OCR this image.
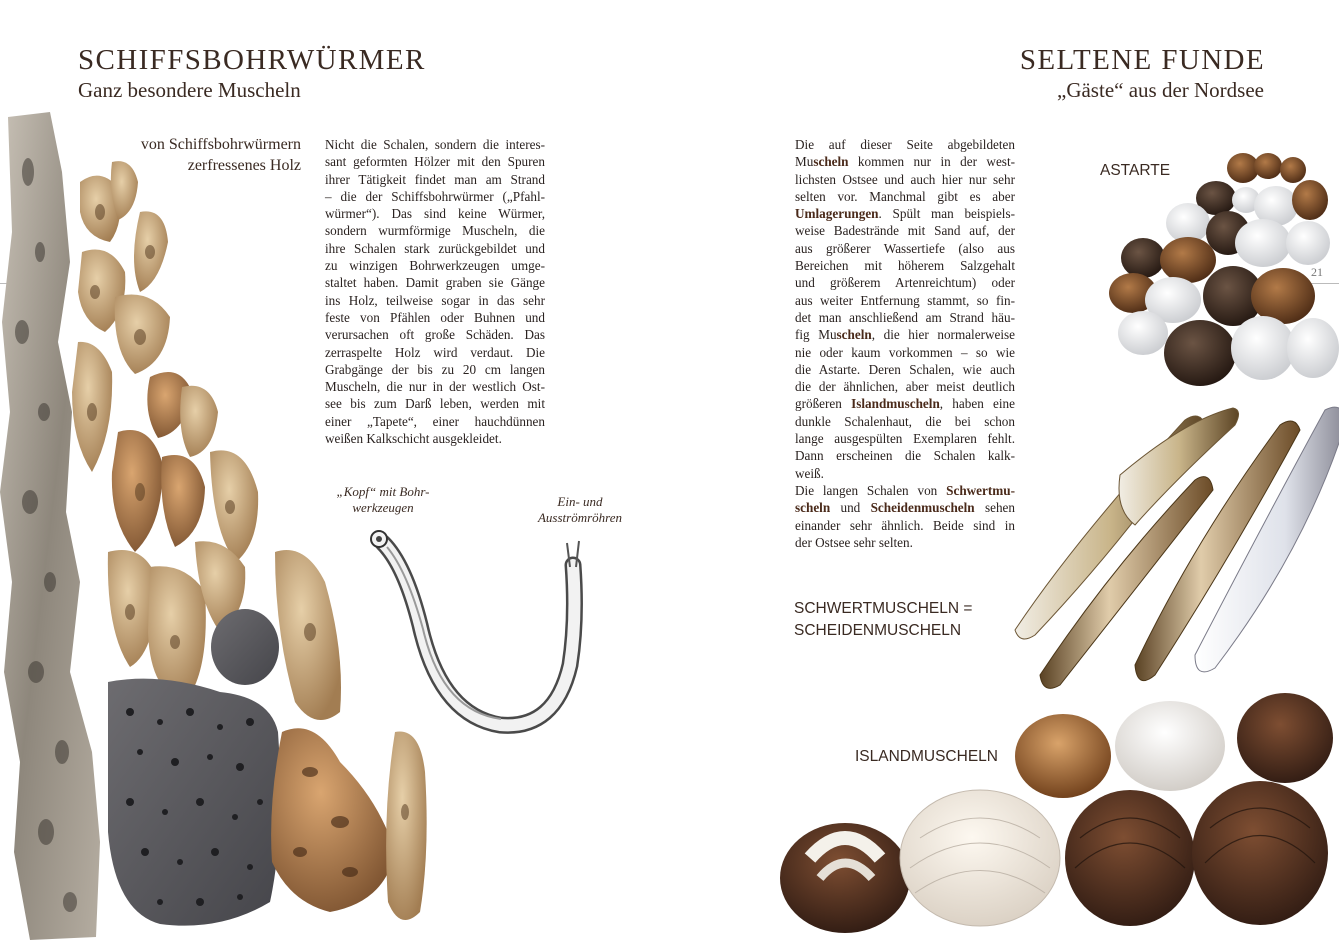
SCHIFFSBOHRWÜRMER
Ganz besondere Muscheln
von Schiffsbohrwürmern
zerfressenes Holz

Nicht die Schalen, sondern die interes-

sant geformten Hölzer mit den Spuren

ihrer Tätigkeit findet man am Strand

– die der Schiffsbohrwürmer („Pfahl-

würmer“). Das sind keine Würmer,

sondern wurmförmige Muscheln, die

ihre Schalen stark zurückgebildet und

zu winzigen Bohrwerkzeugen umge-

staltet haben. Damit graben sie Gänge

ins Holz, teilweise sogar in das sehr

feste von Pfählen oder Buhnen und

verursachen oft große Schäden. Das

zerraspelte Holz wird verdaut. Die

Grabgänge der bis zu 20 cm langen

Muscheln, die nur in der westlich Ost-

see bis zum Darß leben, werden mit

einer „Tapete“, einer hauchdünnen

weißen Kalkschicht ausgekleidet.

„Kopf“ mit Bohr-
werkzeugen	Ein- und
Ausströmröhren
SELTENE FUNDE
„Gäste“ aus der Nordsee
21

Die auf dieser Seite abgebildeten

Muscheln kommen nur in der west-

lichsten Ostsee und auch hier nur sehr

selten vor. Manchmal gibt es aber

Umlagerungen. Spült man beispiels-

weise Badestrände mit Sand auf, der

aus größerer Wassertiefe (also aus

Bereichen mit höherem Salzgehalt

und größerem Artenreichtum) oder

aus weiter Entfernung stammt, so fin-

det man anschließend am Strand häu-

fig Muscheln, die hier normalerweise

nie oder kaum vorkommen – so wie

die Astarte. Deren Schalen, wie auch

die der ähnlichen, aber meist deutlich

größeren Islandmuscheln, haben eine

dunkle Schalenhaut, die bei schon

lange ausgespülten Exemplaren fehlt.

Dann erscheinen die Schalen kalk-

weiß.

Die langen Schalen von Schwertmu-

scheln und Scheidenmuscheln sehen

einander sehr ähnlich. Beide sind in

der Ostsee sehr selten.

ASTARTE
SCHWERTMUSCHELN =
SCHEIDENMUSCHELN
ISLANDMUSCHELN
